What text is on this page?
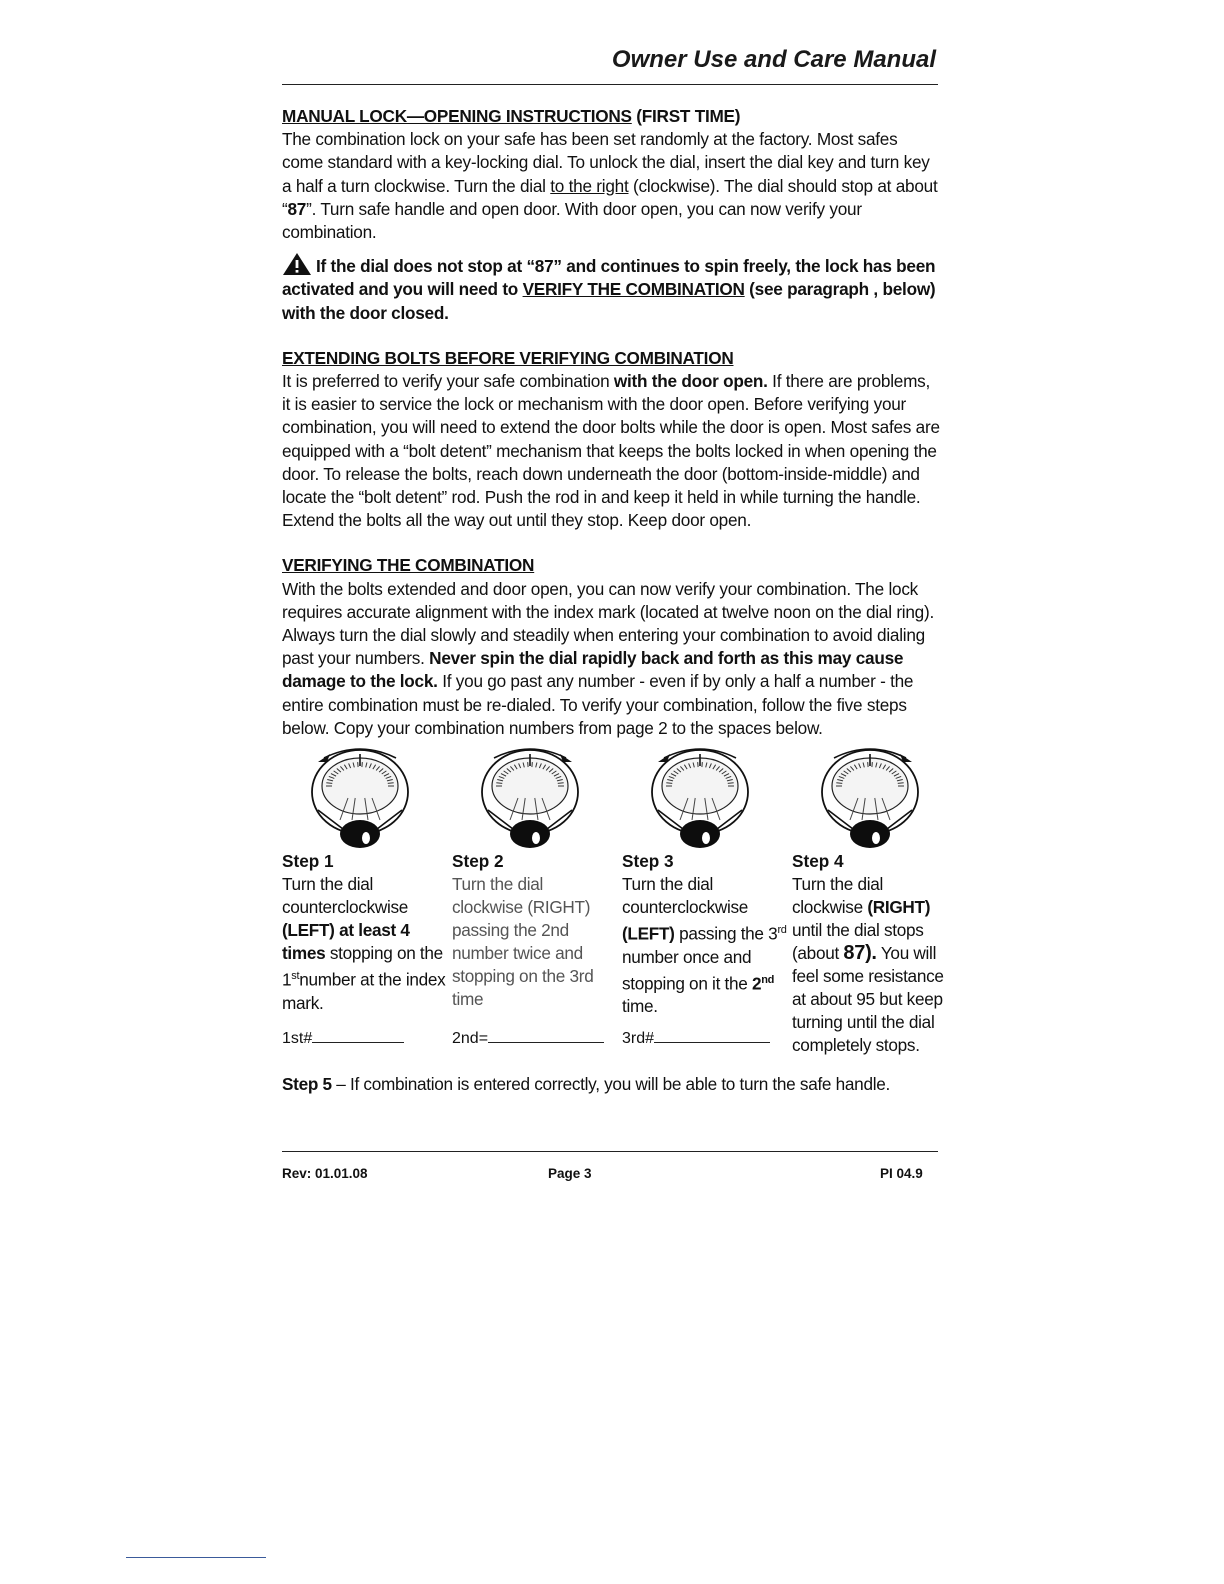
Owner Use and Care Manual

MANUAL LOCK—OPENING INSTRUCTIONS (FIRST TIME)

The combination lock on your safe has been set randomly at the factory. Most safes come standard with a key-locking dial. To unlock the dial, insert the dial key and turn key a half a turn clockwise. Turn the dial to the right (clockwise). The dial should stop at about “87”. Turn safe handle and open door. With door open, you can now verify your combination.

If the dial does not stop at “87” and continues to spin freely, the lock has been activated and you will need to VERIFY THE COMBINATION (see paragraph , below) with the door closed.

EXTENDING BOLTS BEFORE VERIFYING COMBINATION

It is preferred to verify your safe combination with the door open. If there are problems, it is easier to service the lock or mechanism with the door open. Before verifying your combination, you will need to extend the door bolts while the door is open. Most safes are equipped with a “bolt detent” mechanism that keeps the bolts locked in when opening the door. To release the bolts, reach down underneath the door (bottom-inside-middle) and locate the “bolt detent” rod. Push the rod in and keep it held in while turning the handle. Extend the bolts all the way out until they stop. Keep door open.

VERIFYING THE COMBINATION

With the bolts extended and door open, you can now verify your combination. The lock requires accurate alignment with the index mark (located at twelve noon on the dial ring). Always turn the dial slowly and steadily when entering your combination to avoid dialing past your numbers. Never spin the dial rapidly back and forth as this may cause damage to the lock. If you go past any number - even if by only a half a number - the entire combination must be re-dialed. To verify your combination, follow the five steps below. Copy your combination numbers from page 2 to the spaces below.

Step 1
Turn the dial counterclockwise (LEFT) at least 4 times stopping on the 1stnumber at the index mark.
1st#
Step 2
Turn the dial clockwise (RIGHT) passing the 2nd number twice and stopping on the 3rd time
2nd=
Step 3
Turn the dial counterclockwise (LEFT) passing the 3rd number once and stopping on it the 2nd time.
3rd#
Step 4
Turn the dial clockwise (RIGHT) until the dial stops (about 87). You will feel some resistance at about 95 but keep turning until the dial completely stops.
Step 5 – If combination is entered correctly, you will be able to turn the safe handle.
Rev: 01.01.08	Page 3	PI 04.9
